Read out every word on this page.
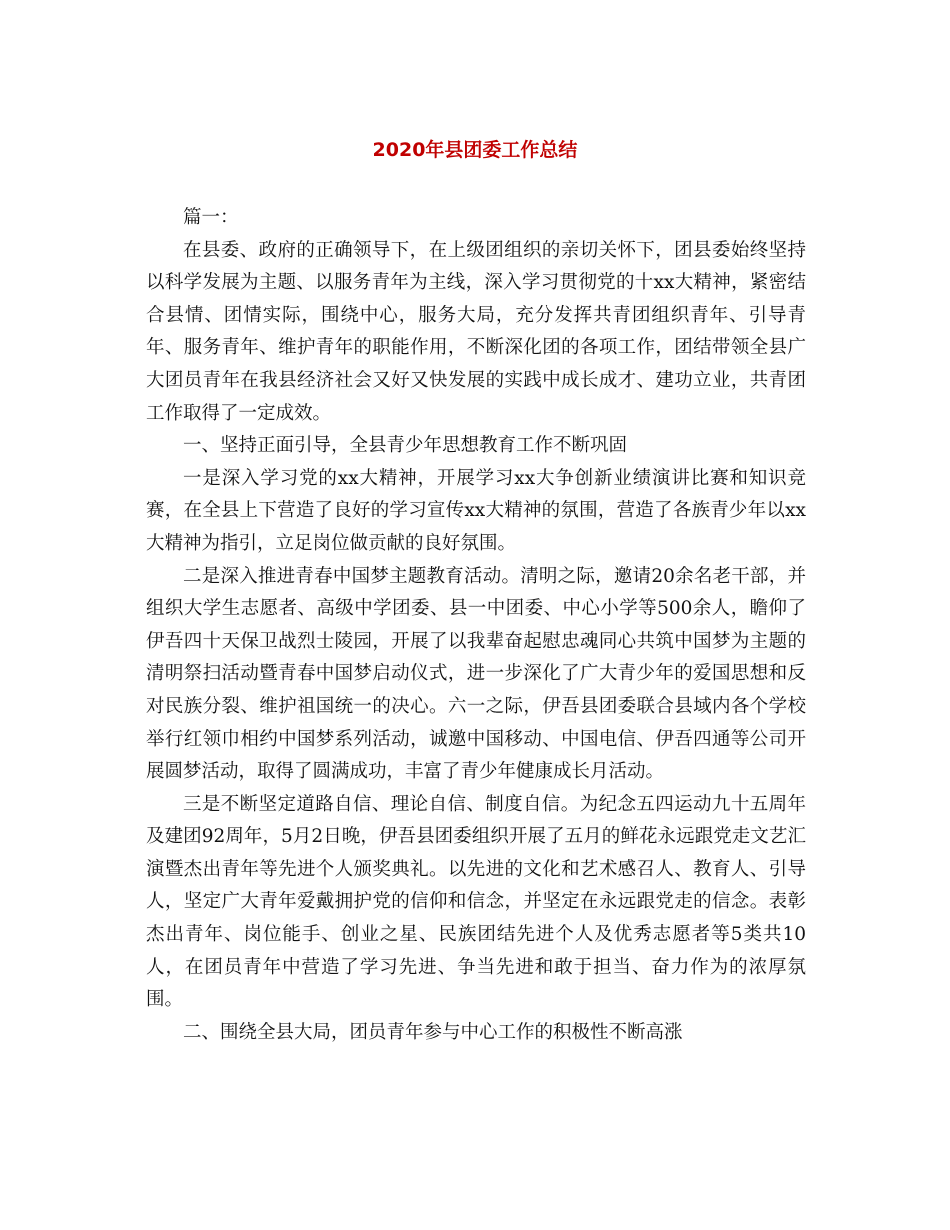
2020年县团委工作总结

篇一：

在县委、政府的正确领导下，在上级团组织的亲切关怀下，团县委始终坚持以科学发展为主题、以服务青年为主线，深入学习贯彻党的十xx大精神，紧密结合县情、团情实际，围绕中心，服务大局，充分发挥共青团组织青年、引导青年、服务青年、维护青年的职能作用，不断深化团的各项工作，团结带领全县广大团员青年在我县经济社会又好又快发展的实践中成长成才、建功立业，共青团工作取得了一定成效。

一、坚持正面引导，全县青少年思想教育工作不断巩固

一是深入学习党的xx大精神，开展学习xx大争创新业绩演讲比赛和知识竞赛，在全县上下营造了良好的学习宣传xx大精神的氛围，营造了各族青少年以xx大精神为指引，立足岗位做贡献的良好氛围。

二是深入推进青春中国梦主题教育活动。清明之际，邀请20余名老干部，并组织大学生志愿者、高级中学团委、县一中团委、中心小学等500余人，瞻仰了伊吾四十天保卫战烈士陵园，开展了以我辈奋起慰忠魂同心共筑中国梦为主题的清明祭扫活动暨青春中国梦启动仪式，进一步深化了广大青少年的爱国思想和反对民族分裂、维护祖国统一的决心。六一之际，伊吾县团委联合县域内各个学校举行红领巾相约中国梦系列活动，诚邀中国移动、中国电信、伊吾四通等公司开展圆梦活动，取得了圆满成功，丰富了青少年健康成长月活动。

三是不断坚定道路自信、理论自信、制度自信。为纪念五四运动九十五周年及建团92周年，5月2日晚，伊吾县团委组织开展了五月的鲜花永远跟党走文艺汇演暨杰出青年等先进个人颁奖典礼。以先进的文化和艺术感召人、教育人、引导人，坚定广大青年爱戴拥护党的信仰和信念，并坚定在永远跟党走的信念。表彰杰出青年、岗位能手、创业之星、民族团结先进个人及优秀志愿者等5类共10人，在团员青年中营造了学习先进、争当先进和敢于担当、奋力作为的浓厚氛围。

二、围绕全县大局，团员青年参与中心工作的积极性不断高涨
